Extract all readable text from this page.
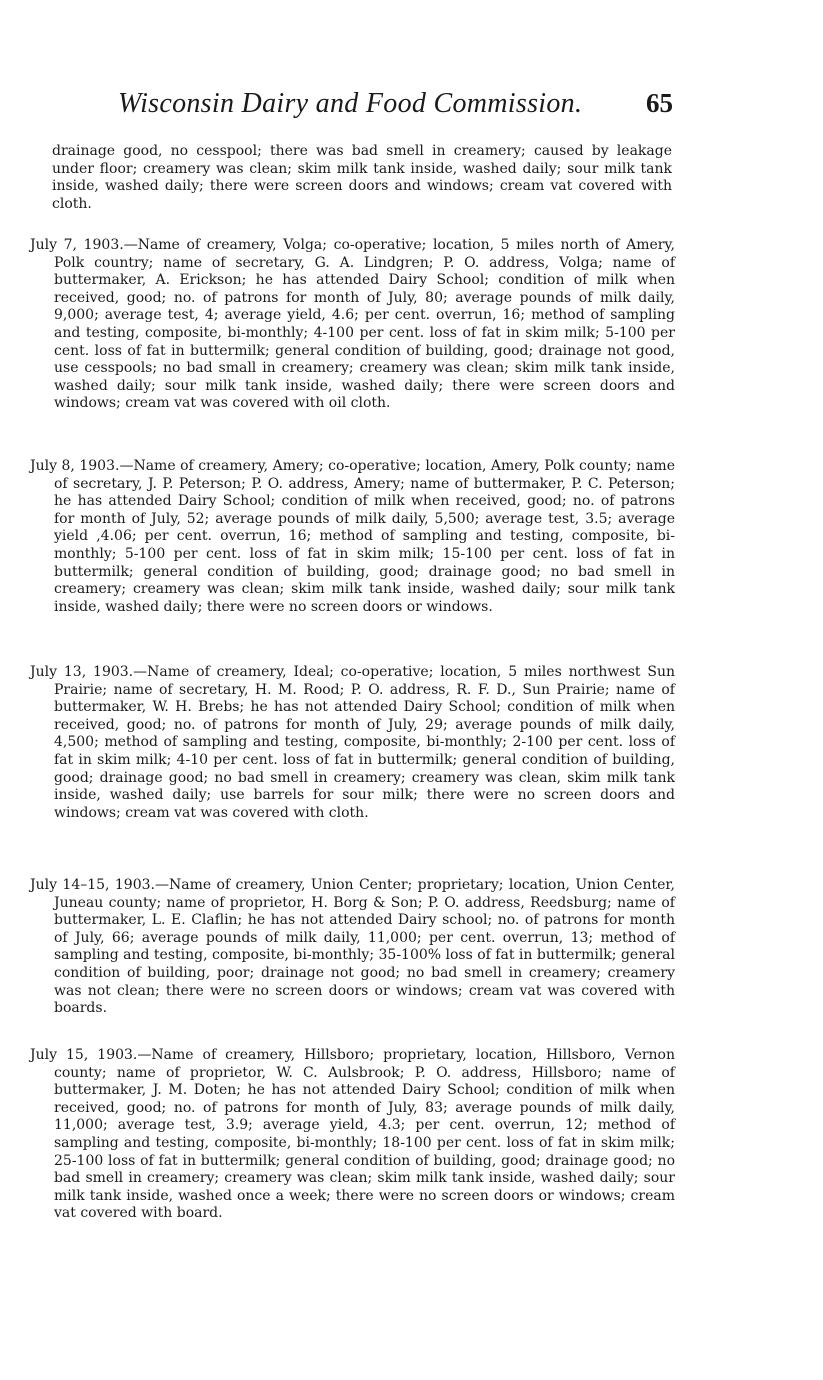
Wisconsin Dairy and Food Commission. 65

drainage good, no cesspool; there was bad smell in creamery; caused by leakage under floor; creamery was clean; skim milk tank inside, washed daily; sour milk tank inside, washed daily; there were screen doors and windows; cream vat covered with cloth.

July 7, 1903.—Name of creamery, Volga; co-operative; location, 5 miles north of Amery, Polk country; name of secretary, G. A. Lindgren; P. O. address, Volga; name of buttermaker, A. Erickson; he has attended Dairy School; condition of milk when received, good; no. of patrons for month of July, 80; average pounds of milk daily, 9,000; average test, 4; average yield, 4.6; per cent. overrun, 16; method of sampling and testing, composite, bi-monthly; 4-100 per cent. loss of fat in skim milk; 5-100 per cent. loss of fat in buttermilk; general condition of building, good; drainage not good, use cesspools; no bad small in creamery; creamery was clean; skim milk tank inside, washed daily; sour milk tank inside, washed daily; there were screen doors and windows; cream vat was covered with oil cloth.

July 8, 1903.—Name of creamery, Amery; co-operative; location, Amery, Polk county; name of secretary, J. P. Peterson; P. O. address, Amery; name of buttermaker, P. C. Peterson; he has attended Dairy School; condition of milk when received, good; no. of patrons for month of July, 52; average pounds of milk daily, 5,500; average test, 3.5; average yield ,4.06; per cent. overrun, 16; method of sampling and testing, composite, bi-monthly; 5-100 per cent. loss of fat in skim milk; 15-100 per cent. loss of fat in buttermilk; general condition of building, good; drainage good; no bad smell in creamery; creamery was clean; skim milk tank inside, washed daily; sour milk tank inside, washed daily; there were no screen doors or windows.

July 13, 1903.—Name of creamery, Ideal; co-operative; location, 5 miles northwest Sun Prairie; name of secretary, H. M. Rood; P. O. address, R. F. D., Sun Prairie; name of buttermaker, W. H. Brebs; he has not attended Dairy School; condition of milk when received, good; no. of patrons for month of July, 29; average pounds of milk daily, 4,500; method of sampling and testing, composite, bi-monthly; 2-100 per cent. loss of fat in skim milk; 4-10 per cent. loss of fat in buttermilk; general condition of building, good; drainage good; no bad smell in creamery; creamery was clean, skim milk tank inside, washed daily; use barrels for sour milk; there were no screen doors and windows; cream vat was covered with cloth.

July 14–15, 1903.—Name of creamery, Union Center; proprietary; location, Union Center, Juneau county; name of proprietor, H. Borg & Son; P. O. address, Reedsburg; name of buttermaker, L. E. Claflin; he has not attended Dairy school; no. of patrons for month of July, 66; average pounds of milk daily, 11,000; per cent. overrun, 13; method of sampling and testing, composite, bi-monthly; 35-100% loss of fat in buttermilk; general condition of building, poor; drainage not good; no bad smell in creamery; creamery was not clean; there were no screen doors or windows; cream vat was covered with boards.

July 15, 1903.—Name of creamery, Hillsboro; proprietary, location, Hillsboro, Vernon county; name of proprietor, W. C. Aulsbrook; P. O. address, Hillsboro; name of buttermaker, J. M. Doten; he has not attended Dairy School; condition of milk when received, good; no. of patrons for month of July, 83; average pounds of milk daily, 11,000; average test, 3.9; average yield, 4.3; per cent. overrun, 12; method of sampling and testing, composite, bi-monthly; 18-100 per cent. loss of fat in skim milk; 25-100 loss of fat in buttermilk; general condition of building, good; drainage good; no bad smell in creamery; creamery was clean; skim milk tank inside, washed daily; sour milk tank inside, washed once a week; there were no screen doors or windows; cream vat covered with board.
